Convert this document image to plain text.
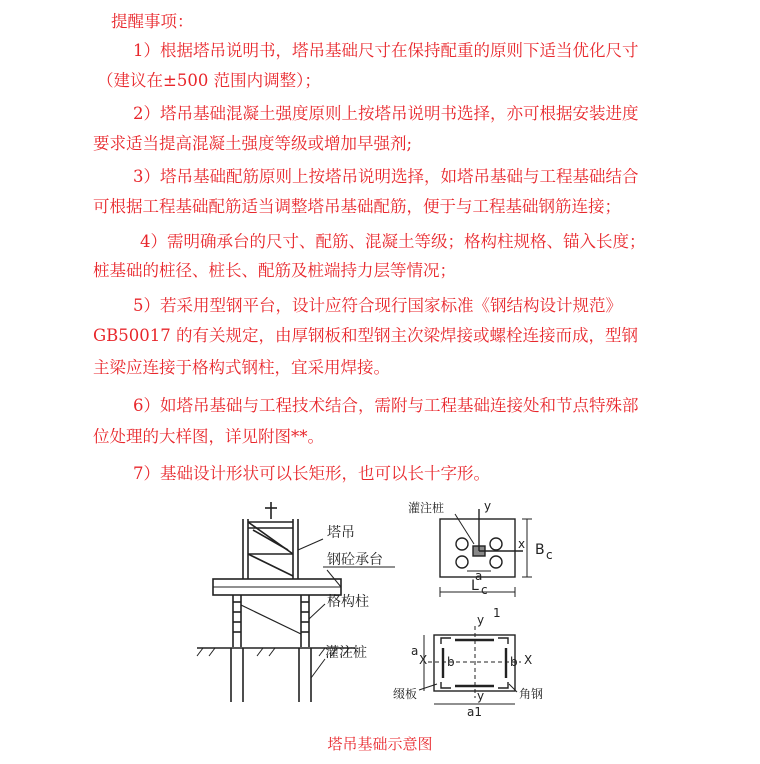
提醒事项：
1）根据塔吊说明书，塔吊基础尺寸在保持配重的原则下适当优化尺寸
（建议在±500 范围内调整）；
2）塔吊基础混凝土强度原则上按塔吊说明书选择，亦可根据安装进度
要求适当提高混凝土强度等级或增加早强剂;
3）塔吊基础配筋原则上按塔吊说明选择，如塔吊基础与工程基础结合
可根据工程基础配筋适当调整塔吊基础配筋，便于与工程基础钢筋连接；
4）需明确承台的尺寸、配筋、混凝土等级；格构柱规格、锚入长度；
桩基础的桩径、桩长、配筋及桩端持力层等情况；
5）若采用型钢平台，设计应符合现行国家标准《钢结构设计规范》
GB50017 的有关规定，由厚钢板和型钢主次梁焊接或螺栓连接而成，型钢
主梁应连接于格构式钢柱，宜采用焊接。
6）如塔吊基础与工程技术结合，需附与工程基础连接处和节点特殊部
位处理的大样图，详见附图**。
7）基础设计形状可以长矩形，也可以长十字形。
塔吊
钢砼承台
格构柱
灌注桩
灌注桩	y
x
a
B c
L c
X	X
y
y
1
b	b
a
a1
缀板	角钢
塔吊基础示意图
